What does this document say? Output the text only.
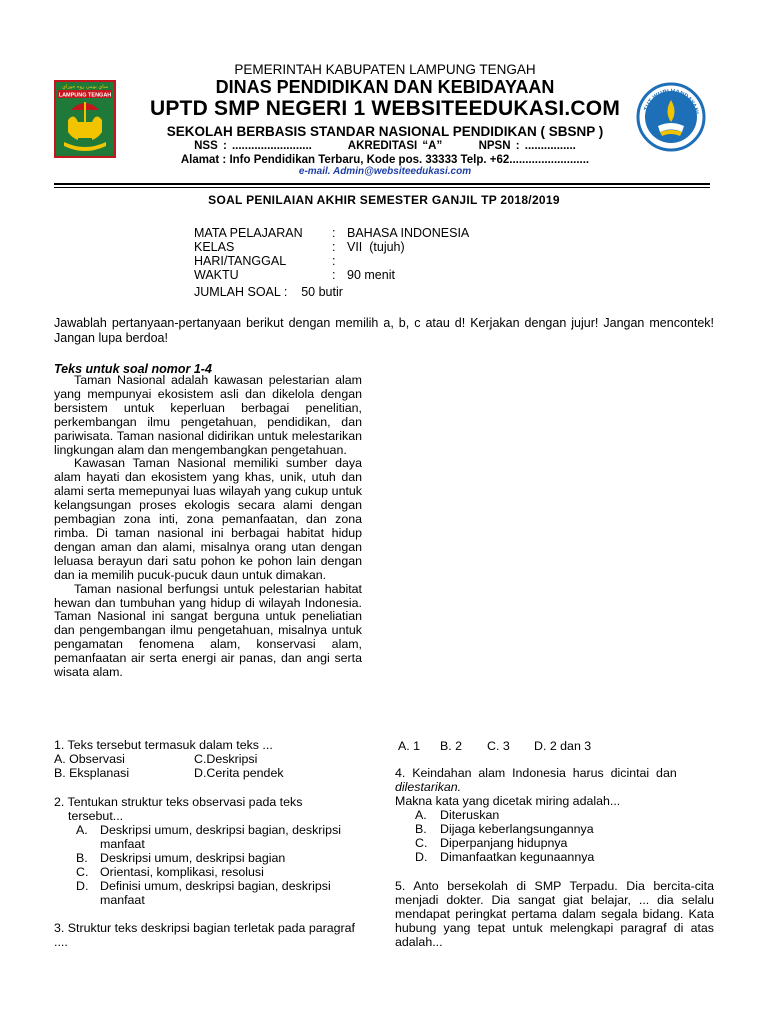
ﺳﺎﻱ ﺑﻮﻣﻲ ﺭﻭﻩ ﺟﻮﺭﺍﻱ
LAMPUNG TENGAH
TUT WURI HANDAYANI
PEMERINTAH KABUPATEN LAMPUNG TENGAH
DINAS PENDIDIKAN DAN KEBIDAYAAN
UPTD SMP NEGERI 1 WEBSITEEDUKASI.COM
SEKOLAH BERBASIS STANDAR NASIONAL PENDIDIKAN ( SBSNP )
NSS : .........................       AKREDITASI “A”       NPSN : ................
Alamat : Info Pendidikan Terbaru, Kode pos. 33333 Telp. +62.........................
e-mail. Admin@websiteedukasi.com
SOAL PENILAIAN AKHIR SEMESTER GANJIL TP 2018/2019
MATA PELAJARAN : BAHASA INDONESIA
KELAS	: VII  (tujuh)
HARI/TANGGAL	:
WAKTU	: 90 menit
JUMLAH SOAL :    50 butir
Jawablah pertanyaan-pertanyaan berikut dengan memilih a, b, c atau d! Kerjakan dengan jujur! Jangan mencontek! Jangan lupa berdoa!
Teks untuk soal nomor 1-4

Taman Nasional adalah kawasan pelestarian alam yang mempunyai ekosistem asli dan dikelola dengan bersistem untuk keperluan berbagai penelitian, perkembangan ilmu pengetahuan, pendidikan, dan pariwisata. Taman nasional didirikan untuk melestarikan lingkungan alam dan mengembangkan pengetahuan.

Kawasan Taman Nasional memiliki sumber daya alam hayati dan ekosistem yang khas, unik, utuh dan alami serta memepunyai luas wilayah yang cukup untuk kelangsungan proses ekologis secara alami dengan pembagian zona inti, zona pemanfaatan, dan zona rimba. Di taman nasional ini berbagai habitat hidup dengan aman dan alami, misalnya orang utan dengan leluasa berayun dari satu pohon ke pohon lain dengan dan ia memilih pucuk-pucuk daun untuk dimakan.

Taman nasional berfungsi untuk pelestarian habitat hewan dan tumbuhan yang hidup di wilayah Indonesia. Taman Nasional ini sangat berguna untuk peneliatian dan pengembangan ilmu pengetahuan, misalnya untuk pengamatan fenomena alam, konservasi alam, pemanfaatan air serta energi air panas, dan angi serta wisata alam.

1. Teks tersebut termasuk dalam teks ...
A. Observasi	C.Deskripsi
B. Eksplanasi	D.Cerita pendek
2. Tentukan struktur teks observasi pada teks
tersebut...
A. Deskripsi umum, deskripsi bagian, deskripsi manfaat
B. Deskripsi umum, deskripsi bagian
C. Orientasi, komplikasi, resolusi
D. Definisi umum, deskripsi bagian, deskripsi manfaat
3. Struktur teks deskripsi bagian terletak pada paragraf
....
A. 1 B. 2 C. 3 D. 2 dan 3
4.  Keindahan  alam  Indonesia  harus  dicintai  dan
dilestarikan.
Makna kata yang dicetak miring adalah...
A. Diteruskan
B. Dijaga keberlangsungannya
C. Diperpanjang hidupnya
D. Dimanfaatkan kegunaannya
5. Anto bersekolah di SMP Terpadu. Dia bercita-cita menjadi dokter. Dia sangat giat belajar, ... dia selalu mendapat peringkat pertama dalam segala bidang. Kata hubung yang tepat untuk melengkapi paragraf di atas adalah...
